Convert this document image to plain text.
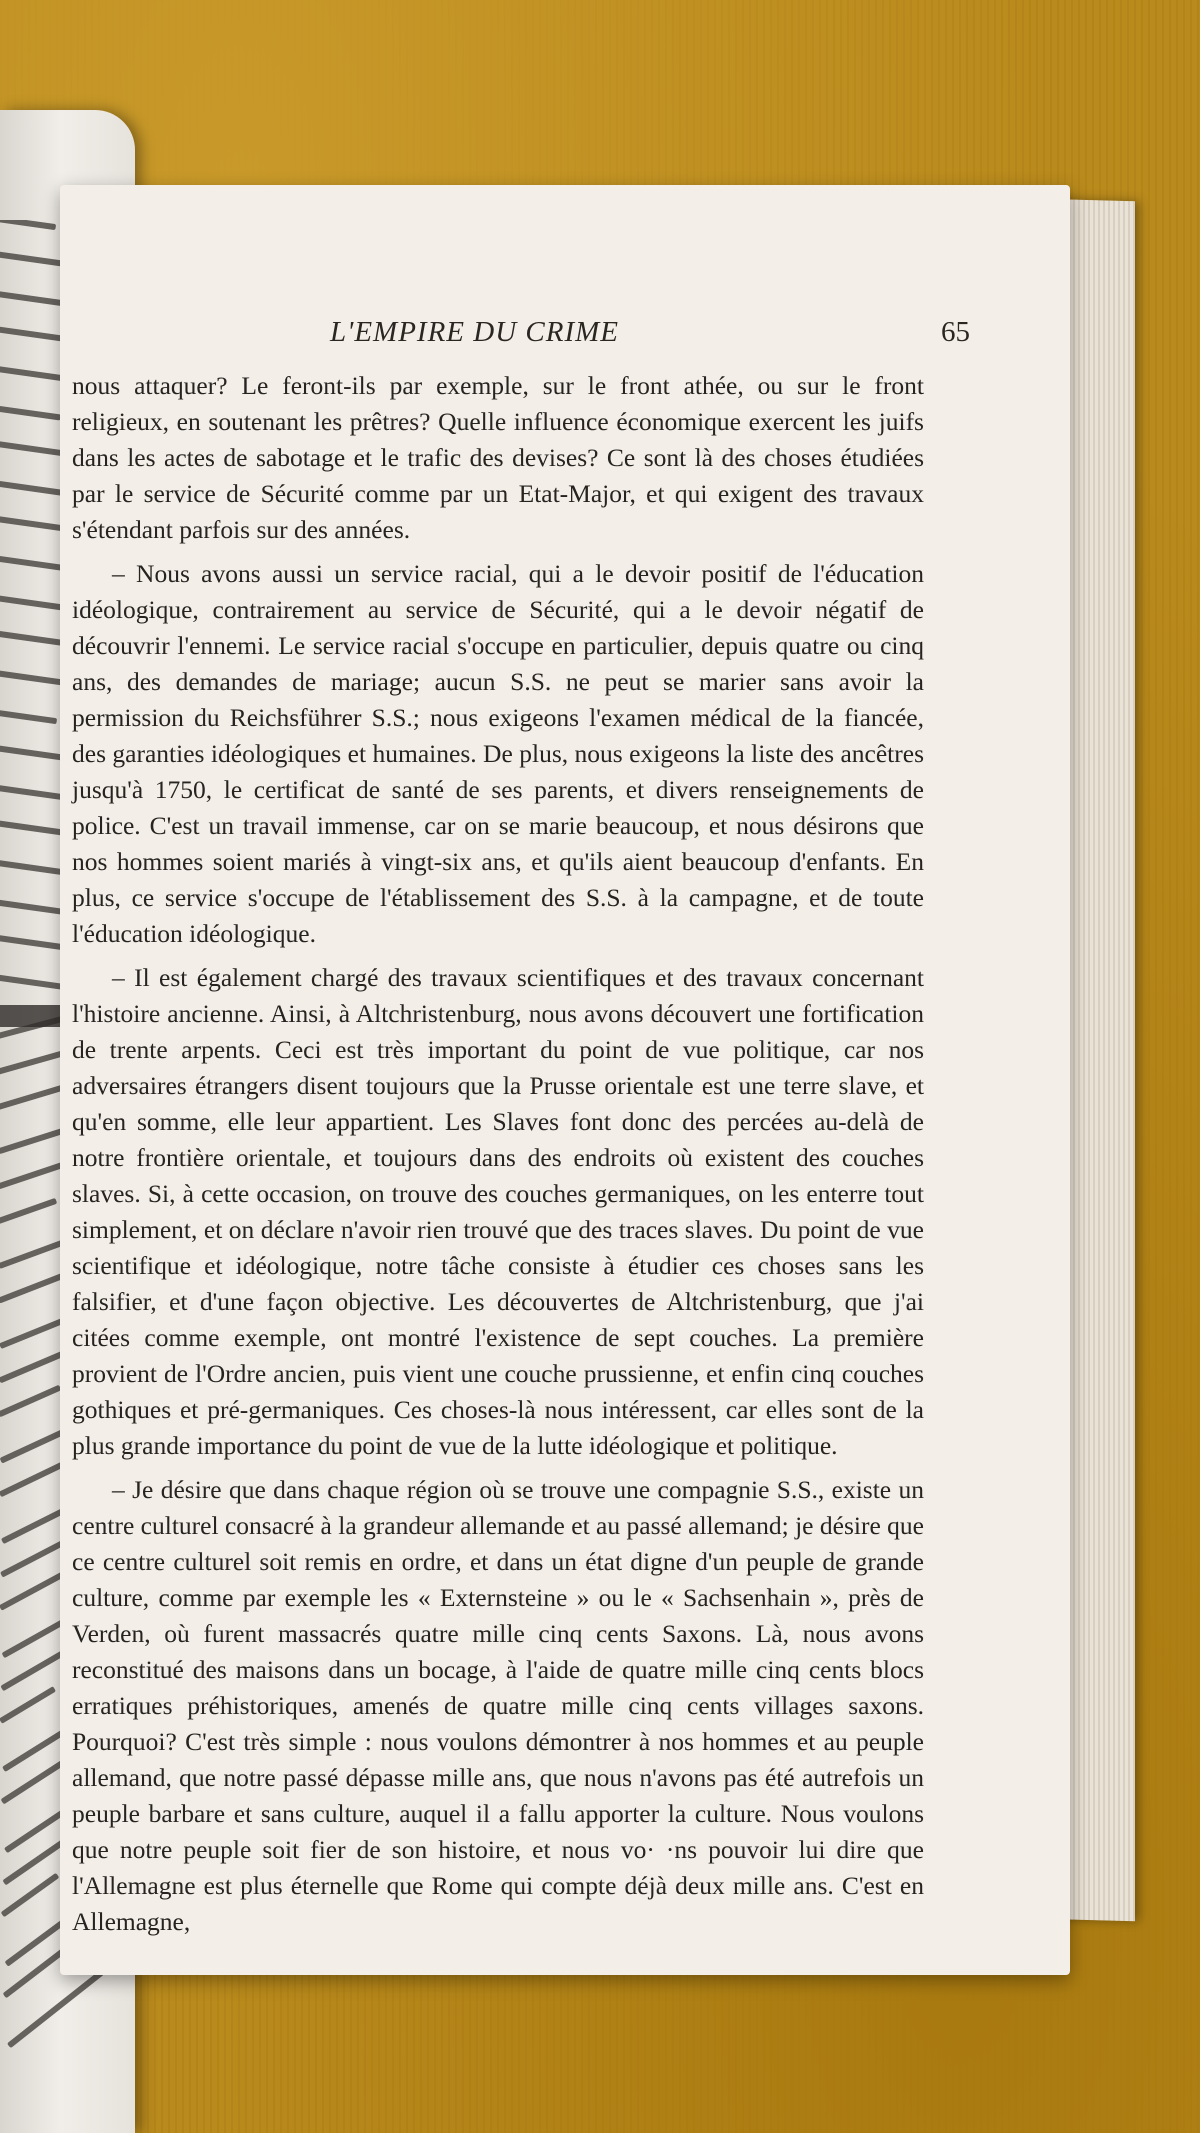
L'EMPIRE DU CRIME	65

nous attaquer? Le feront-ils par exemple, sur le front athée, ou sur le front religieux, en soutenant les prêtres? Quelle influence économique exercent les juifs dans les actes de sabotage et le trafic des devises? Ce sont là des choses étudiées par le service de Sécurité comme par un Etat-Major, et qui exigent des travaux s'étendant parfois sur des années.

– Nous avons aussi un service racial, qui a le devoir positif de l'éducation idéologique, contrairement au service de Sécurité, qui a le devoir négatif de découvrir l'ennemi. Le service racial s'occupe en particulier, depuis quatre ou cinq ans, des demandes de mariage; aucun S.S. ne peut se marier sans avoir la permission du Reichsführer S.S.; nous exigeons l'examen médical de la fiancée, des garanties idéologiques et humaines. De plus, nous exigeons la liste des ancêtres jusqu'à 1750, le certificat de santé de ses parents, et divers renseignements de police. C'est un travail immense, car on se marie beaucoup, et nous désirons que nos hommes soient mariés à vingt-six ans, et qu'ils aient beaucoup d'enfants. En plus, ce service s'occupe de l'établissement des S.S. à la campagne, et de toute l'éducation idéologique.

– Il est également chargé des travaux scientifiques et des travaux concernant l'histoire ancienne. Ainsi, à Altchristenburg, nous avons découvert une fortification de trente arpents. Ceci est très important du point de vue politique, car nos adversaires étrangers disent toujours que la Prusse orientale est une terre slave, et qu'en somme, elle leur appartient. Les Slaves font donc des percées au-delà de notre frontière orientale, et toujours dans des endroits où existent des couches slaves. Si, à cette occasion, on trouve des couches germaniques, on les enterre tout simplement, et on déclare n'avoir rien trouvé que des traces slaves. Du point de vue scientifique et idéologique, notre tâche consiste à étudier ces choses sans les falsifier, et d'une façon objective. Les découvertes de Altchristenburg, que j'ai citées comme exemple, ont montré l'existence de sept couches. La première provient de l'Ordre ancien, puis vient une couche prussienne, et enfin cinq couches gothiques et pré-germaniques. Ces choses-là nous intéressent, car elles sont de la plus grande importance du point de vue de la lutte idéologique et politique.

– Je désire que dans chaque région où se trouve une compagnie S.S., existe un centre culturel consacré à la grandeur allemande et au passé allemand; je désire que ce centre culturel soit remis en ordre, et dans un état digne d'un peuple de grande culture, comme par exemple les « Externsteine » ou le « Sachsenhain », près de Verden, où furent massacrés quatre mille cinq cents Saxons. Là, nous avons reconstitué des maisons dans un bocage, à l'aide de quatre mille cinq cents blocs erratiques préhistoriques, amenés de quatre mille cinq cents villages saxons. Pourquoi? C'est très simple : nous voulons démontrer à nos hommes et au peuple allemand, que notre passé dépasse mille ans, que nous n'avons pas été autrefois un peuple barbare et sans culture, auquel il a fallu apporter la culture. Nous voulons que notre peuple soit fier de son histoire, et nous vo· ·ns pouvoir lui dire que l'Allemagne est plus éternelle que Rome qui compte déjà deux mille ans. C'est en Allemagne,
